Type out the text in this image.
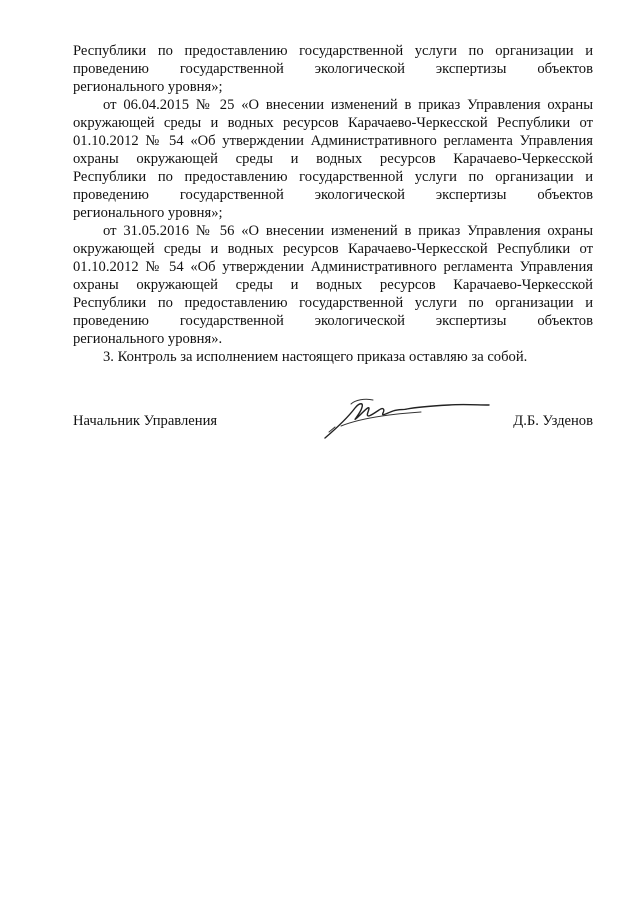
Республики по предоставлению государственной услуги по организации и
проведению государственной экологической экспертизы объектов
регионального уровня»;
от 06.04.2015 № 25 «О внесении изменений в приказ Управления охраны
окружающей среды и водных ресурсов Карачаево-Черкесской Республики от
01.10.2012 № 54 «Об утверждении Административного регламента Управления
охраны окружающей среды и водных ресурсов Карачаево-Черкесской
Республики по предоставлению государственной услуги по организации и
проведению государственной экологической экспертизы объектов
регионального уровня»;
от 31.05.2016 № 56 «О внесении изменений в приказ Управления охраны
окружающей среды и водных ресурсов Карачаево-Черкесской Республики от
01.10.2012 № 54 «Об утверждении Административного регламента Управления
охраны окружающей среды и водных ресурсов Карачаево-Черкесской
Республики по предоставлению государственной услуги по организации и
проведению государственной экологической экспертизы объектов
регионального уровня».
3. Контроль за исполнением настоящего приказа оставляю за собой.
Начальник Управления	Д.Б. Узденов
